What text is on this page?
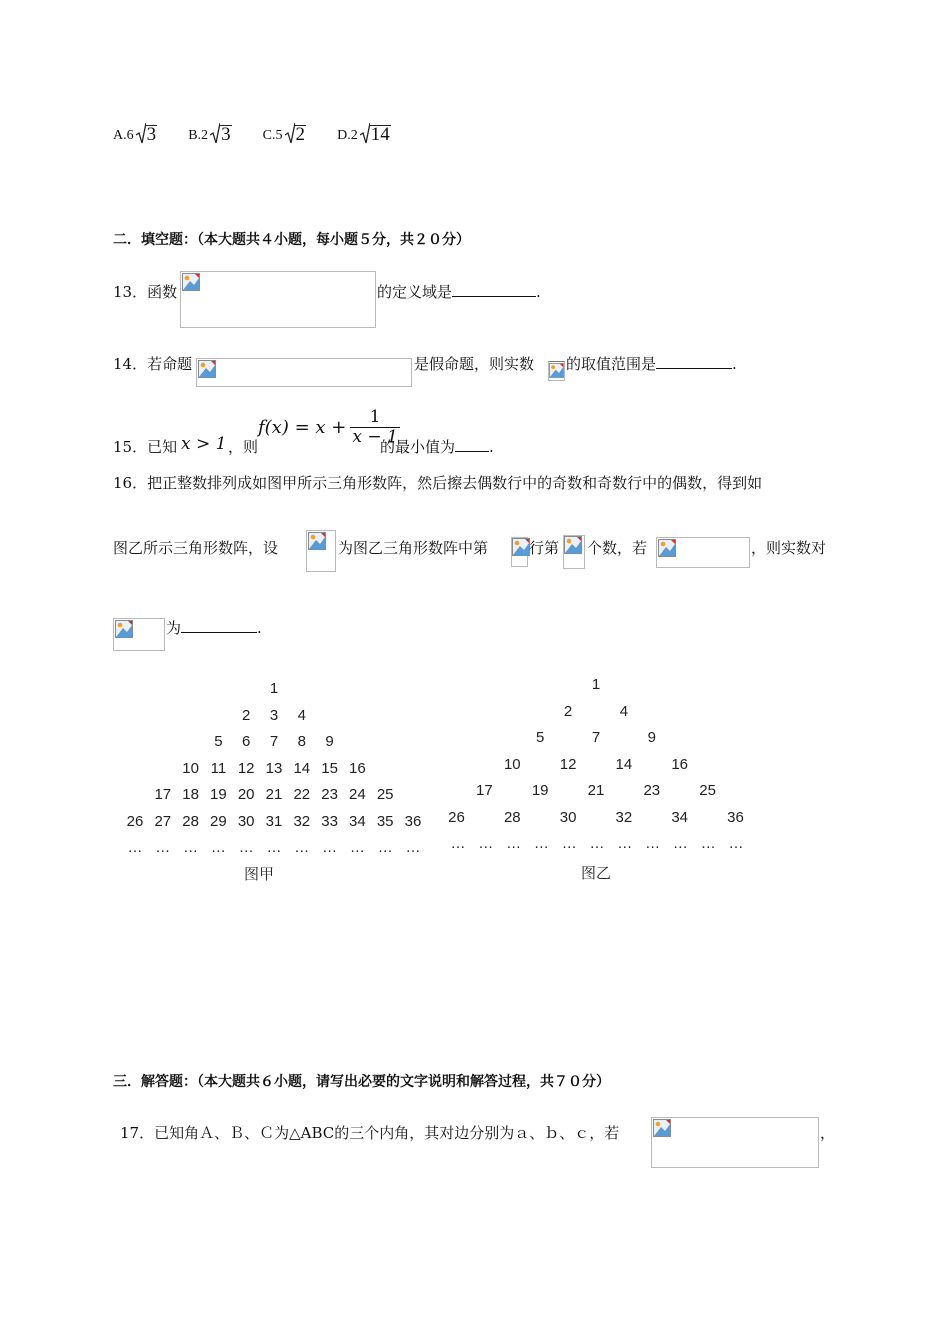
A.6 3
B.2 3
C.5 2
D.2 14
二．填空题：（本大题共４小题，每小题５分，共２０分）
13．函数	的定义域是	.
14．若命题	是假命题，则实数 的取值范围是	.
15．已知 x > 1 ，则
$f(x) = x + \frac{1}{x - 1}$
的最小值为 .
16．把正整数排列成如图甲所示三角形数阵，然后擦去偶数行中的奇数和奇数行中的偶数，得到如
图乙所示三角形数阵，设	为图乙三角形数阵中第	行第 个数，若	，则实数对
为	.
1
2	3	4
5	6	7	8	9
10 11 12 13 14 15 16
17 18 19 20 21 22 23 24 25
26 27 28 29 30 31 32 33 34 35 36
… … … … … … … … … … …
图甲
1
2	4
5	7	9
10	12	14	16
17	19	21	23	25
26	28	30	32	34	36
… … … … … … … … … … …
图乙
三．解答题：（本大题共６小题，请写出必要的文字说明和解答过程，共７０分）
17．已知角Ａ、Ｂ、Ｃ为△ABC的三个内角，其对边分别为ａ、ｂ、ｃ，若	，
